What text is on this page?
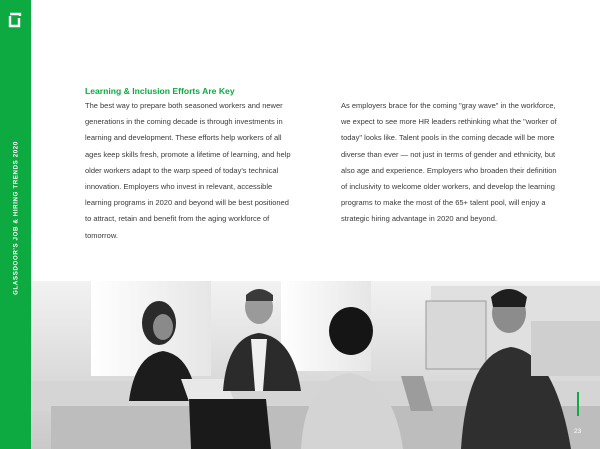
GLASSDOOR'S JOB & HIRING TRENDS 2020
Learning & Inclusion Efforts Are Key

The best way to prepare both seasoned workers and newer generations in the coming decade is through investments in learning and development. These efforts help workers of all ages keep skills fresh, promote a lifetime of learning, and help older workers adapt to the warp speed of today's technical innovation. Employers who invest in relevant, accessible learning programs in 2020 and beyond will be best positioned to attract, retain and benefit from the aging workforce of tomorrow.

As employers brace for the coming "gray wave" in the workforce, we expect to see more HR leaders rethinking what the "worker of today" looks like. Talent pools in the coming decade will be more diverse than ever — not just in terms of gender and ethnicity, but also age and experience. Employers who broaden their definition of inclusivity to welcome older workers, and develop the learning programs to make the most of the 65+ talent pool, will enjoy a strategic hiring advantage in 2020 and beyond.

23
